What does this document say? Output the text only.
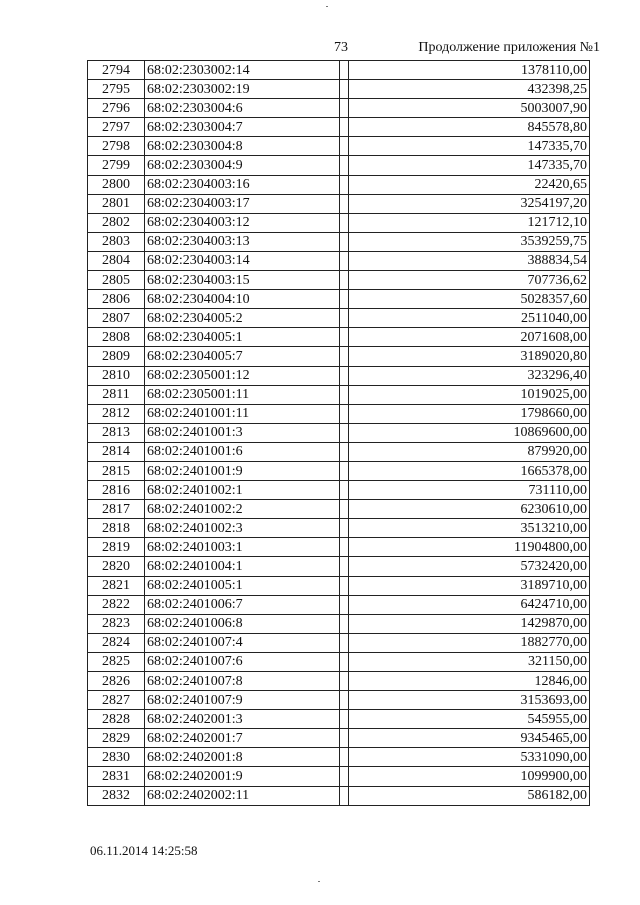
73	Продолжение приложения №1
2794	68:02:2303002:14		1378110,00
2795	68:02:2303002:19		432398,25
2796	68:02:2303004:6		5003007,90
2797	68:02:2303004:7		845578,80
2798	68:02:2303004:8		147335,70
2799	68:02:2303004:9		147335,70
2800	68:02:2304003:16		22420,65
2801	68:02:2304003:17		3254197,20
2802	68:02:2304003:12		121712,10
2803	68:02:2304003:13		3539259,75
2804	68:02:2304003:14		388834,54
2805	68:02:2304003:15		707736,62
2806	68:02:2304004:10		5028357,60
2807	68:02:2304005:2		2511040,00
2808	68:02:2304005:1		2071608,00
2809	68:02:2304005:7		3189020,80
2810	68:02:2305001:12		323296,40
2811	68:02:2305001:11		1019025,00
2812	68:02:2401001:11		1798660,00
2813	68:02:2401001:3		10869600,00
2814	68:02:2401001:6		879920,00
2815	68:02:2401001:9		1665378,00
2816	68:02:2401002:1		731110,00
2817	68:02:2401002:2		6230610,00
2818	68:02:2401002:3		3513210,00
2819	68:02:2401003:1		11904800,00
2820	68:02:2401004:1		5732420,00
2821	68:02:2401005:1		3189710,00
2822	68:02:2401006:7		6424710,00
2823	68:02:2401006:8		1429870,00
2824	68:02:2401007:4		1882770,00
2825	68:02:2401007:6		321150,00
2826	68:02:2401007:8		12846,00
2827	68:02:2401007:9		3153693,00
2828	68:02:2402001:3		545955,00
2829	68:02:2402001:7		9345465,00
2830	68:02:2402001:8		5331090,00
2831	68:02:2402001:9		1099900,00
2832	68:02:2402002:11		586182,00
06.11.2014 14:25:58
